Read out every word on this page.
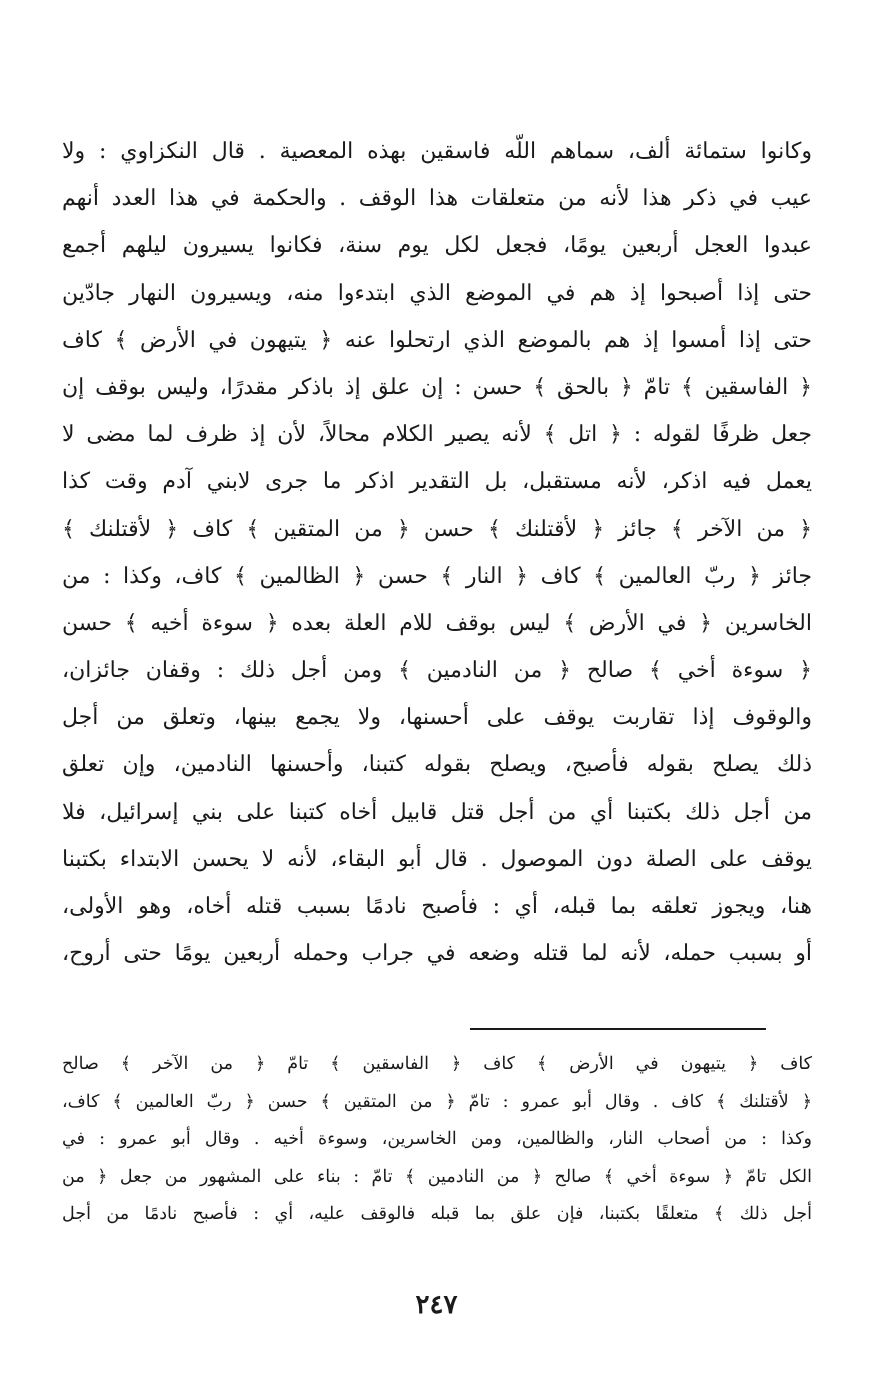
وكانوا ستمائة ألف، سماهم اللّه فاسقين بهذه المعصية . قال النكزاوي : ولا
عيب في ذكر هذا لأنه من متعلقات هذا الوقف . والحكمة في هذا العدد أنهم
عبدوا العجل أربعين يومًا، فجعل لكل يوم سنة، فكانوا يسيرون ليلهم أجمع
حتى إذا أصبحوا إذ هم في الموضع الذي ابتدءوا منه، ويسيرون النهار جادّين
حتى إذا أمسوا إذ هم بالموضع الذي ارتحلوا عنه ﴿ يتيهون في الأرض ﴾ كاف
﴿ الفاسقين ﴾ تامّ ﴿ بالحق ﴾ حسن : إن علق إذ باذكر مقدرًا، وليس بوقف إن
جعل ظرفًا لقوله : ﴿ اتل ﴾ لأنه يصير الكلام محالاً، لأن إذ ظرف لما مضى لا
يعمل فيه اذكر، لأنه مستقبل، بل التقدير اذكر ما جرى لابني آدم وقت كذا
﴿ من الآخر ﴾ جائز ﴿ لأقتلنك ﴾ حسن ﴿ من المتقين ﴾ كاف ﴿ لأقتلنك ﴾
جائز ﴿ ربّ العالمين ﴾ كاف ﴿ النار ﴾ حسن ﴿ الظالمين ﴾ كاف، وكذا : من
الخاسرين ﴿ في الأرض ﴾ ليس بوقف للام العلة بعده ﴿ سوءة أخيه ﴾ حسن
﴿ سوءة أخي ﴾ صالح ﴿ من النادمين ﴾ ومن أجل ذلك : وقفان جائزان،
والوقوف إذا تقاربت يوقف على أحسنها، ولا يجمع بينها، وتعلق من أجل
ذلك يصلح بقوله فأصبح، ويصلح بقوله كتبنا، وأحسنها النادمين، وإن تعلق
من أجل ذلك بكتبنا أي من أجل قتل قابيل أخاه كتبنا على بني إسرائيل، فلا
يوقف على الصلة دون الموصول . قال أبو البقاء، لأنه لا يحسن الابتداء بكتبنا
هنا، ويجوز تعلقه بما قبله، أي : فأصبح نادمًا بسبب قتله أخاه، وهو الأولى،
أو بسبب حمله، لأنه لما قتله وضعه في جراب وحمله أربعين يومًا حتى أروح،
كاف ﴿ يتيهون في الأرض ﴾ كاف ﴿ الفاسقين ﴾ تامّ ﴿ من الآخر ﴾ صالح
﴿ لأقتلنك ﴾ كاف . وقال أبو عمرو : تامّ ﴿ من المتقين ﴾ حسن ﴿ ربّ العالمين ﴾ كاف،
وكذا : من أصحاب النار، والظالمين، ومن الخاسرين، وسوءة أخيه . وقال أبو عمرو : في
الكل تامّ ﴿ سوءة أخي ﴾ صالح ﴿ من النادمين ﴾ تامّ : بناء على المشهور من جعل ﴿ من
أجل ذلك ﴾ متعلقًا بكتبنا، فإن علق بما قبله فالوقف عليه، أي : فأصبح نادمًا من أجل
٢٤٧
